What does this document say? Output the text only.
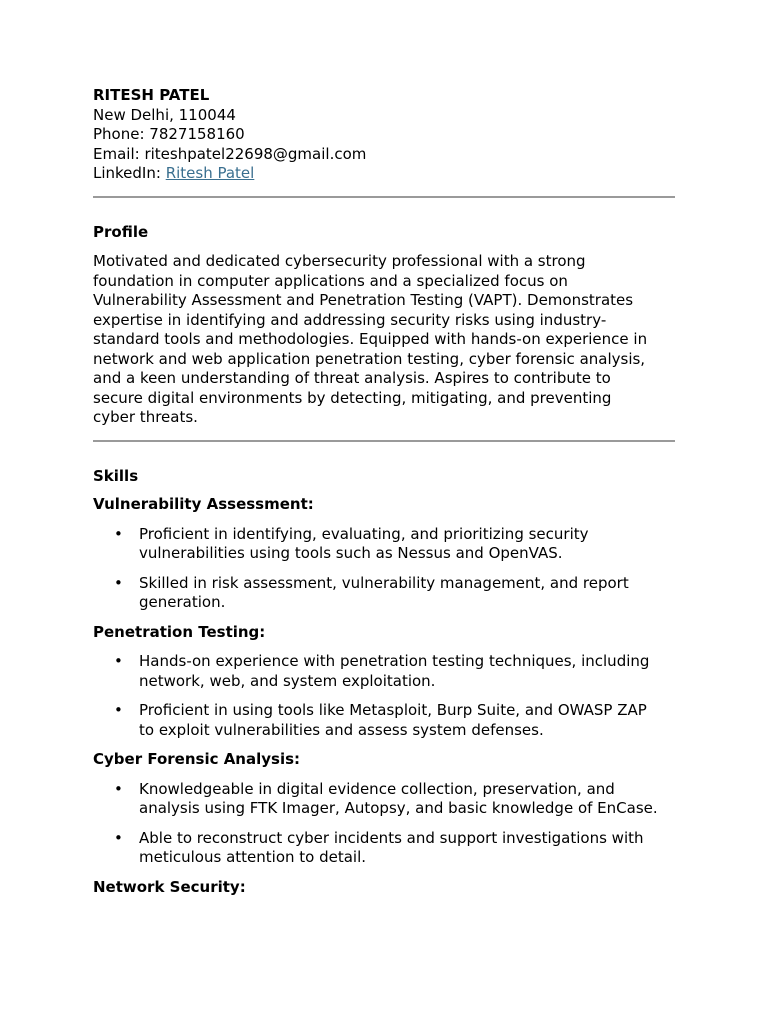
RITESH PATEL
New Delhi, 110044
Phone: 7827158160
Email: riteshpatel22698@gmail.com
LinkedIn: Ritesh Patel
Profile
Motivated and dedicated cybersecurity professional with a strong
foundation in computer applications and a specialized focus on
Vulnerability Assessment and Penetration Testing (VAPT). Demonstrates
expertise in identifying and addressing security risks using industry-
standard tools and methodologies. Equipped with hands-on experience in
network and web application penetration testing, cyber forensic analysis,
and a keen understanding of threat analysis. Aspires to contribute to
secure digital environments by detecting, mitigating, and preventing
cyber threats.
Skills
Vulnerability Assessment:
• Proficient in identifying, evaluating, and prioritizing security
vulnerabilities using tools such as Nessus and OpenVAS.
• Skilled in risk assessment, vulnerability management, and report
generation.
Penetration Testing:
• Hands-on experience with penetration testing techniques, including
network, web, and system exploitation.
• Proficient in using tools like Metasploit, Burp Suite, and OWASP ZAP
to exploit vulnerabilities and assess system defenses.
Cyber Forensic Analysis:
• Knowledgeable in digital evidence collection, preservation, and
analysis using FTK Imager, Autopsy, and basic knowledge of EnCase.
• Able to reconstruct cyber incidents and support investigations with
meticulous attention to detail.
Network Security:
